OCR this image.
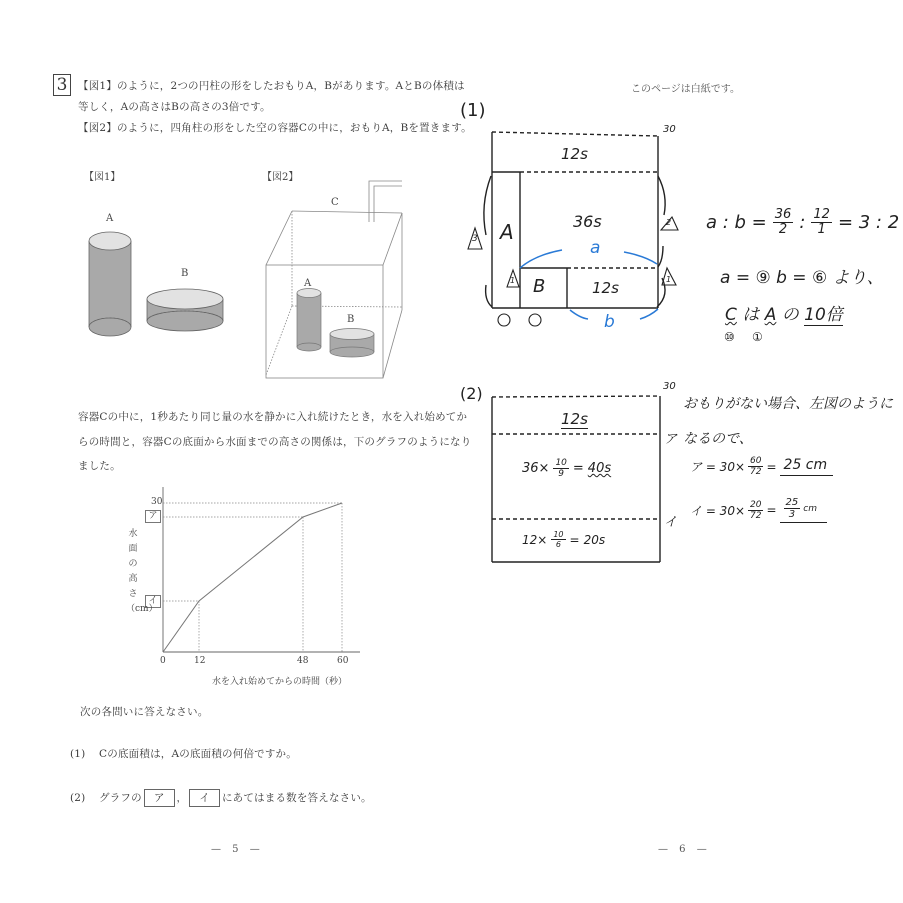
3	【図1】のように，2つの円柱の形をしたおもりA，Bがあります。AとBの体積は
等しく，Aの高さはBの高さの3倍です。
【図2】のように，四角柱の形をした空の容器Cの中に，おもりA，Bを置きます。
【図1】
A
B
【図2】
C
A
B
容器Cの中に，1秒あたり同じ量の水を静かに入れ続けたとき，水を入れ始めてか
らの時間と，容器Cの底面から水面までの高さの関係は，下のグラフのようになり
ました。
30
ア
イ
水面の高さ（cm）
0	12	48	60
水を入れ始めてからの時間（秒）
次の各問いに答えなさい。
(1) Cの底面積は，Aの底面積の何倍ですか。
(2) グラフの ア ， イ にあてはまる数を答えなさい。
— 5 —
このページは白紙です。
(1)
3 A
B
12s
36s
12s
30
2
1
1
a
b
a : $b = \frac{36}{2}$ : $\frac{12}{1} = 3$ : 2
a = ⑨ b = ⑥ より、
C は A の 10倍
⑩ ①
(2)	30
ア
イ
12s
$36\times \frac{10}{9} = 40s$
$12\times \frac{10}{6} = 20s$
おもりがない場合、左図のように
なるので、
ア = $30\times \frac{60}{72} = 25$ cm
イ = $30\times \frac{20}{72}$ =
25
3
cm
— 6 —
